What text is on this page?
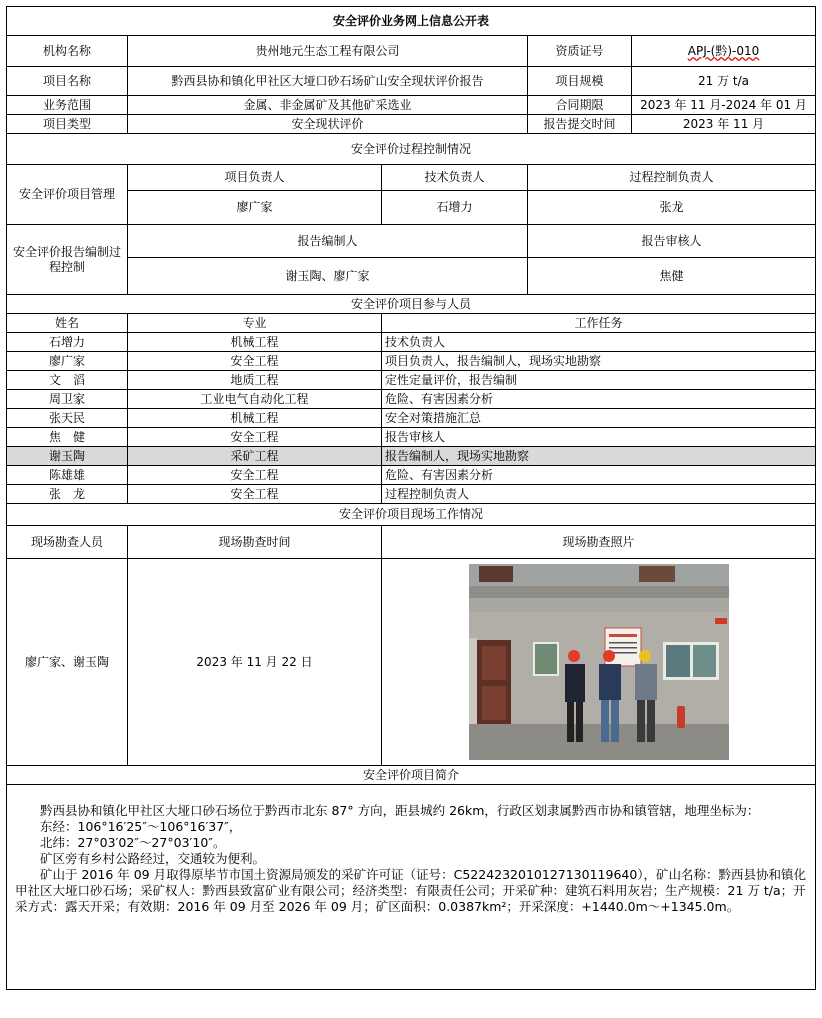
安全评价业务网上信息公开表				
机构名称	贵州地元生态工程有限公司		资质证号	APJ-(黔)-010
项目名称	黔西县协和镇化甲社区大垭口砂石场矿山安全现状评价报告		项目规模	21 万 t/a
业务范围	金属、非金属矿及其他矿采选业		合同期限	2023 年 11 月-2024 年 01 月
项目类型	安全现状评价		报告提交时间	2023 年 11 月
安全评价过程控制情况				
安全评价项目管理	项目负责人	技术负责人	过程控制负责人	
	廖广家	石增力	张龙	
安全评价报告编制过程控制	报告编制人		报告审核人	
	谢玉陶、廖广家		焦健	
安全评价项目参与人员				
姓名	专业	工作任务		
石增力	机械工程	技术负责人		
廖广家	安全工程	项目负责人，报告编制人，现场实地勘察		
文　滔	地质工程	定性定量评价，报告编制		
周卫家	工业电气自动化工程	危险、有害因素分析		
张天民	机械工程	安全对策措施汇总		
焦　健	安全工程	报告审核人		
谢玉陶	采矿工程	报告编制人，现场实地勘察		
陈雄雄	安全工程	危险、有害因素分析		
张　龙	安全工程	过程控制负责人		
安全评价项目现场工作情况				
现场勘查人员	现场勘查时间	现场勘查照片		
廖广家、谢玉陶	2023 年 11 月 22 日	

安全评价项目简介				

黔西县协和镇化甲社区大垭口砂石场位于黔西市北东 87° 方向，距县城约 26km，行政区划隶属黔西市协和镇管辖，地理坐标为：

东经：106°16′25″～106°16′37″，

北纬：27°03′02″～27°03′10″。

矿区旁有乡村公路经过，交通较为便利。

矿山于 2016 年 09 月取得原毕节市国土资源局颁发的采矿许可证（证号：C5224232010127130119640），矿山名称：黔西县协和镇化甲社区大垭口砂石场；采矿权人：黔西县致富矿业有限公司；经济类型：有限责任公司；开采矿种：建筑石料用灰岩；生产规模：21 万 t/a；开采方式：露天开采；有效期：2016 年 09 月至 2026 年 09 月；矿区面积：0.0387km²；开采深度：+1440.0m～+1345.0m。				
